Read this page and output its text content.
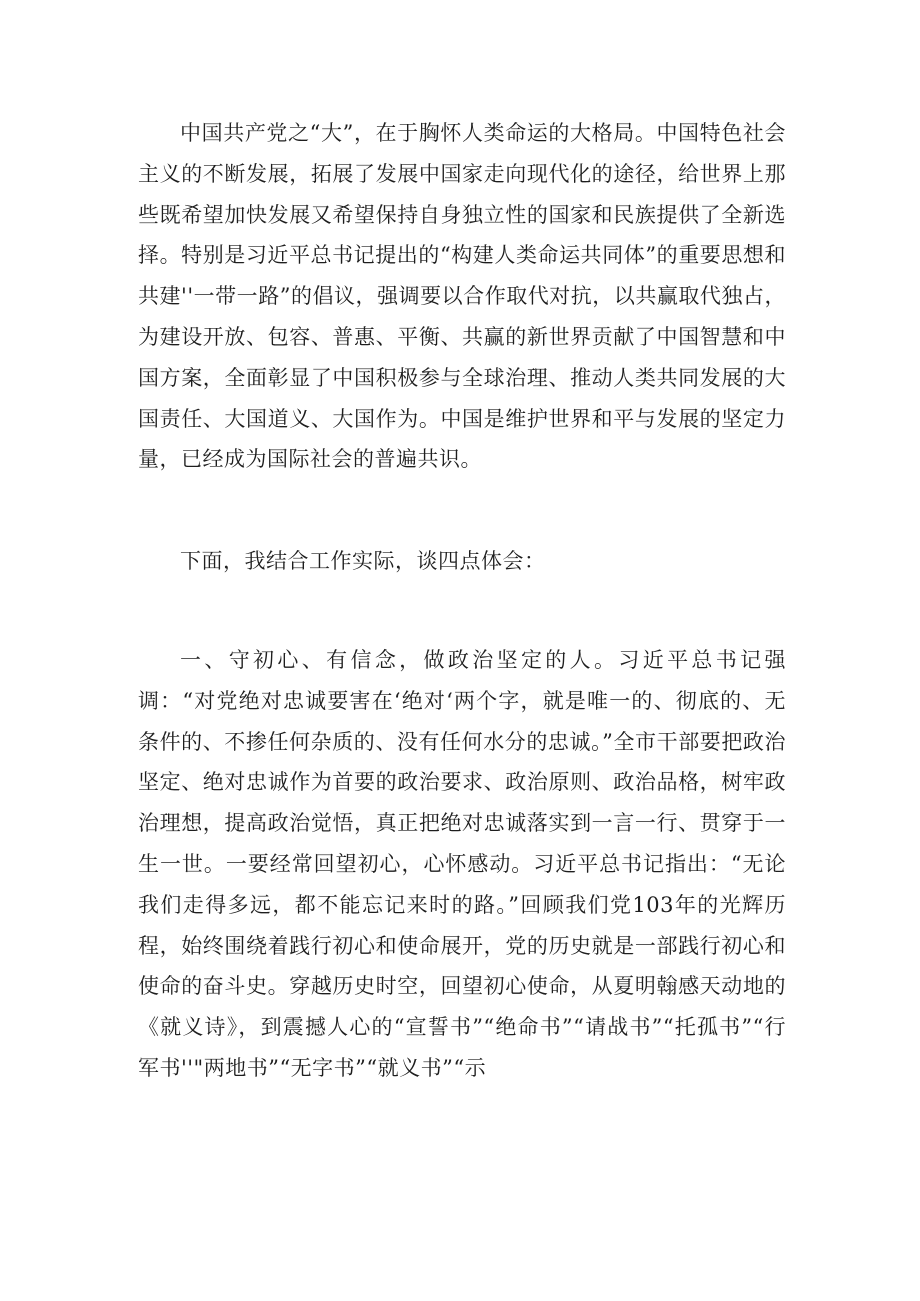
中国共产党之“大”，在于胸怀人类命运的大格局。中国特色社会主义的不断发展，拓展了发展中国家走向现代化的途径，给世界上那些既希望加快发展又希望保持自身独立性的国家和民族提供了全新选择。特别是习近平总书记提出的“构建人类命运共同体”的重要思想和共建''一带一路”的倡议，强调要以合作取代对抗，以共赢取代独占，为建设开放、包容、普惠、平衡、共赢的新世界贡献了中国智慧和中国方案，全面彰显了中国积极参与全球治理、推动人类共同发展的大国责任、大国道义、大国作为。中国是维护世界和平与发展的坚定力量，已经成为国际社会的普遍共识。

下面，我结合工作实际，谈四点体会：

一、守初心、有信念，做政治坚定的人。习近平总书记强调：“对党绝对忠诚要害在‘绝对‘两个字，就是唯一的、彻底的、无条件的、不掺任何杂质的、没有任何水分的忠诚。”全市干部要把政治坚定、绝对忠诚作为首要的政治要求、政治原则、政治品格，树牢政治理想，提高政治觉悟，真正把绝对忠诚落实到一言一行、贯穿于一生一世。一要经常回望初心，心怀感动。习近平总书记指出：“无论我们走得多远，都不能忘记来时的路。”回顾我们党103年的光辉历程，始终围绕着践行初心和使命展开，党的历史就是一部践行初心和使命的奋斗史。穿越历史时空，回望初心使命，从夏明翰感天动地的《就义诗》，到震撼人心的“宣誓书”“绝命书”“请战书”“托孤书”“行军书''"两地书”“无字书”“就义书”“示
